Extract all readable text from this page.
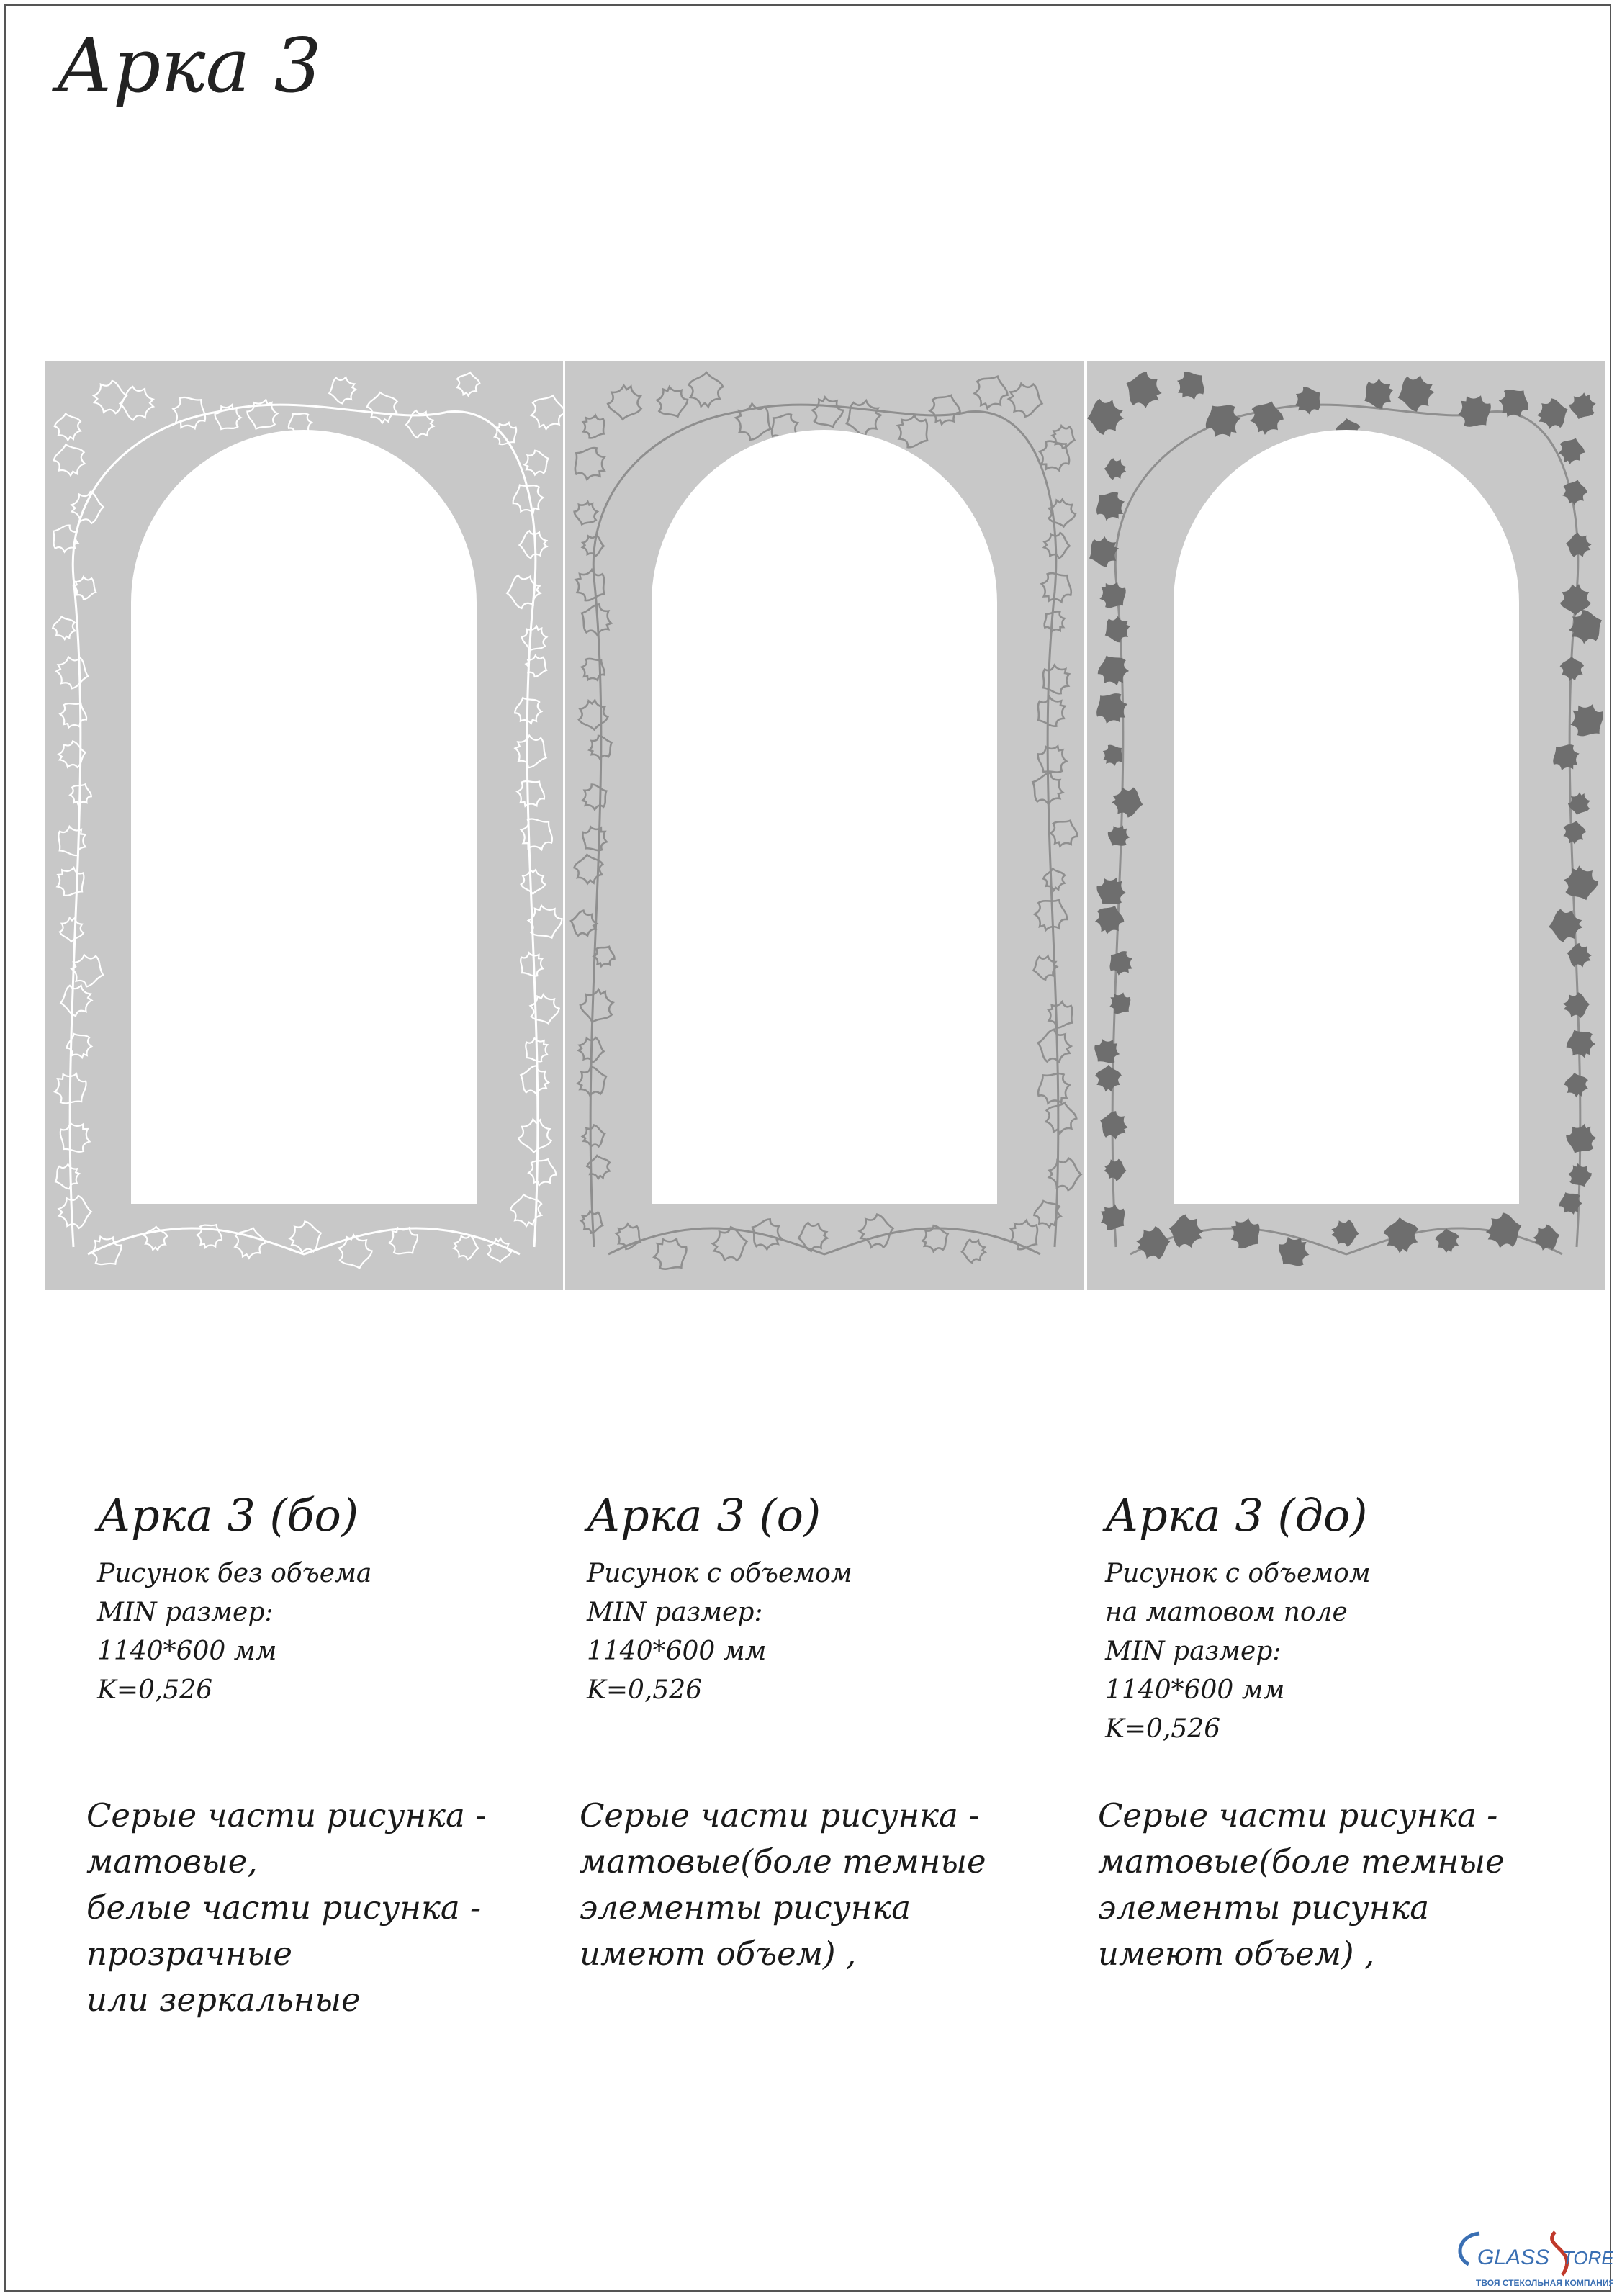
Арка 3
Арка 3 (бо)
Рисунок без объема
MIN размер:
1140*600 мм
K=0,526
Арка 3 (о)
Рисунок с объемом
MIN размер:
1140*600 мм
K=0,526
Арка 3 (до)
Рисунок с объемом
на матовом поле
MIN размер:
1140*600 мм
K=0,526
Серые части рисунка -
матовые,
белые части рисунка -
прозрачные
или зеркальные
Серые части рисунка -
матовые(боле темные
элементы рисунка
имеют объем) ,
Серые части рисунка -
матовые(боле темные
элементы рисунка
имеют объем) ,
GLASS TORE
ТВОЯ СТЕКОЛЬНАЯ КОМПАНИЯ
